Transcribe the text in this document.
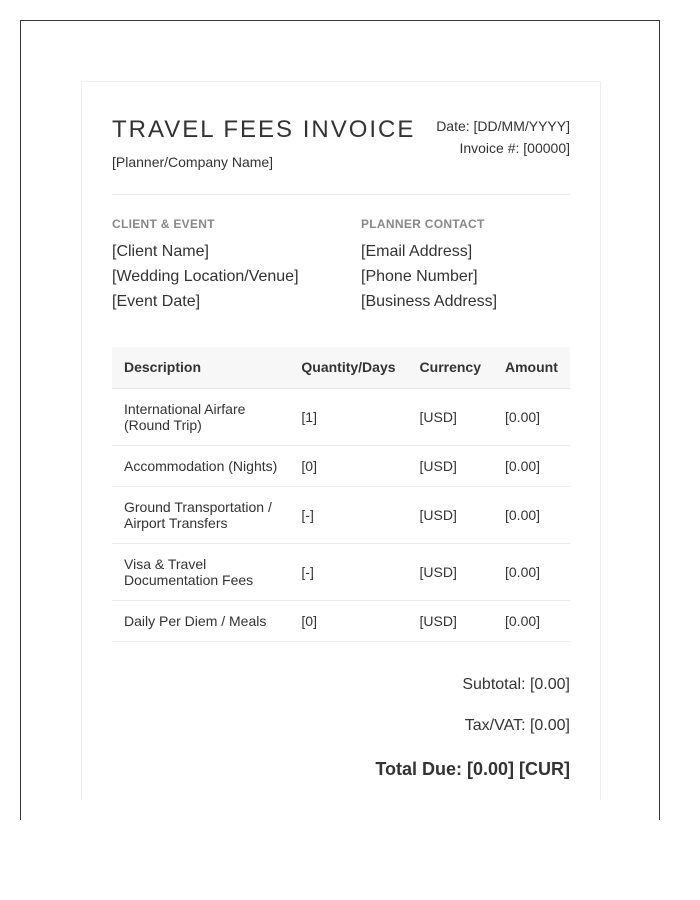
TRAVEL FEES INVOICE
[Planner/Company Name]
Date: [DD/MM/YYYY]
Invoice #: [00000]
CLIENT & EVENT
[Client Name]
[Wedding Location/Venue]
[Event Date]
PLANNER CONTACT
[Email Address]
[Phone Number]
[Business Address]
Description	Quantity/Days	Currency	Amount
International Airfare (Round Trip)	[1]	[USD]	[0.00]
Accommodation (Nights)	[0]	[USD]	[0.00]
Ground Transportation / Airport Transfers	[-]	[USD]	[0.00]
Visa & Travel Documentation Fees	[-]	[USD]	[0.00]
Daily Per Diem / Meals	[0]	[USD]	[0.00]
Subtotal: [0.00]
Tax/VAT: [0.00]
Total Due: [0.00] [CUR]
